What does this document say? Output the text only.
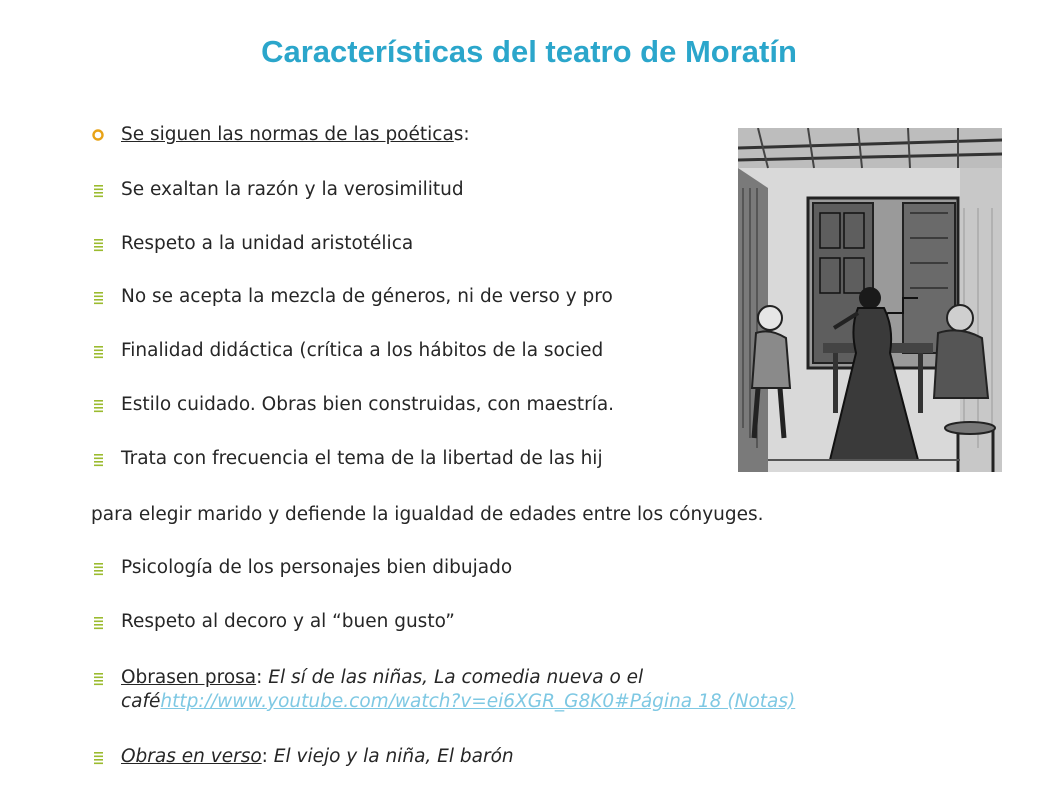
Características del teatro de Moratín
Se siguen las normas de las poéticas:
Se exaltan la razón y la verosimilitud
Respeto a la unidad aristotélica
No se acepta la mezcla de géneros, ni de verso y pro
Finalidad didáctica (crítica a los hábitos de la socied
Estilo cuidado. Obras bien construidas, con maestría.
Trata con frecuencia el tema de la libertad de las hij
para elegir marido y defiende la igualdad de edades entre los cónyuges.
Psicología de los personajes bien dibujado
Respeto al decoro y al “buen gusto”
Obrasen prosa: El sí de las niñas, La comedia nueva o el
caféhttp://www.youtube.com/watch?v=ei6XGR_G8K0#Página 18 (Notas)
Obras en verso: El viejo y la niña, El barón
